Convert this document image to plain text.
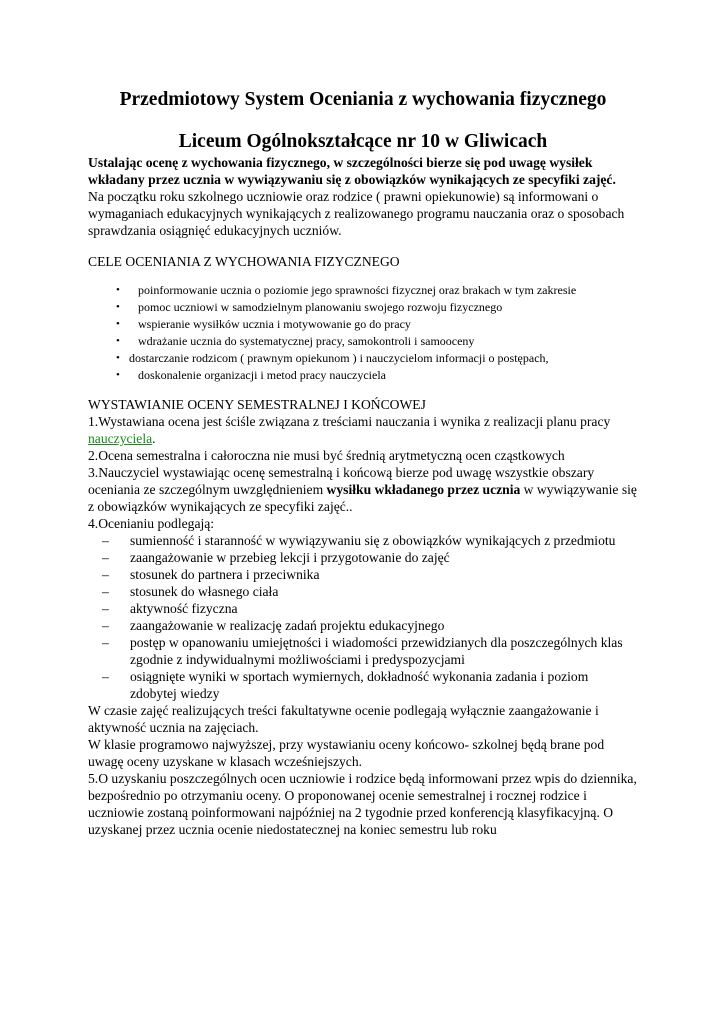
Przedmiotowy System Oceniania z wychowania fizycznego
Liceum Ogólnokształcące nr 10 w Gliwicach

Ustalając ocenę z wychowania fizycznego, w szczególności bierze się pod uwagę wysiłek wkładany przez ucznia w wywiązywaniu się z obowiązków wynikających ze specyfiki zajęć.

Na początku roku szkolnego uczniowie oraz rodzice ( prawni opiekunowie) są informowani o wymaganiach edukacyjnych wynikających z realizowanego programu nauczania oraz o sposobach sprawdzania osiągnięć edukacyjnych uczniów.

CELE OCENIANIA Z WYCHOWANIA FIZYCZNEGO

• poinformowanie ucznia o poziomie jego sprawności fizycznej oraz brakach w tym zakresie
• pomoc uczniowi w samodzielnym planowaniu swojego rozwoju fizycznego
• wspieranie wysiłków ucznia i motywowanie go do pracy
• wdrażanie ucznia do systematycznej pracy, samokontroli i samooceny
• dostarczanie rodzicom ( prawnym opiekunom ) i nauczycielom informacji o postępach,
• doskonalenie organizacji i metod pracy nauczyciela

WYSTAWIANIE OCENY SEMESTRALNEJ I KOŃCOWEJ

1.Wystawiana ocena jest ściśle związana z treściami nauczania i wynika z realizacji planu pracy nauczyciela.

2.Ocena semestralna i całoroczna nie musi być średnią arytmetyczną ocen cząstkowych

3.Nauczyciel wystawiając ocenę semestralną i końcową bierze pod uwagę wszystkie obszary oceniania ze szczególnym uwzględnieniem wysiłku wkładanego przez ucznia w wywiązywanie się z obowiązków wynikających ze specyfiki zajęć..

4.Ocenianiu podlegają:

– sumienność i staranność w wywiązywaniu się z obowiązków wynikających z przedmiotu
– zaangażowanie w przebieg lekcji i przygotowanie do zajęć
– stosunek do partnera i przeciwnika
– stosunek do własnego ciała
– aktywność fizyczna
– zaangażowanie w realizację zadań projektu edukacyjnego
– postęp w opanowaniu umiejętności i wiadomości przewidzianych dla poszczególnych klas zgodnie z indywidualnymi możliwościami i predyspozycjami
– osiągnięte wyniki w sportach wymiernych, dokładność wykonania zadania i poziom zdobytej wiedzy

W czasie zajęć realizujących treści fakultatywne ocenie podlegają wyłącznie zaangażowanie i aktywność ucznia na zajęciach.

W klasie programowo najwyższej, przy wystawianiu oceny końcowo- szkolnej będą brane pod uwagę oceny uzyskane w klasach wcześniejszych.

5.O uzyskaniu poszczególnych ocen uczniowie i rodzice będą informowani przez wpis do dziennika, bezpośrednio po otrzymaniu oceny. O proponowanej ocenie semestralnej i rocznej rodzice i uczniowie zostaną poinformowani najpóźniej na 2 tygodnie przed konferencją klasyfikacyjną. O uzyskanej przez ucznia ocenie niedostatecznej na koniec semestru lub roku
